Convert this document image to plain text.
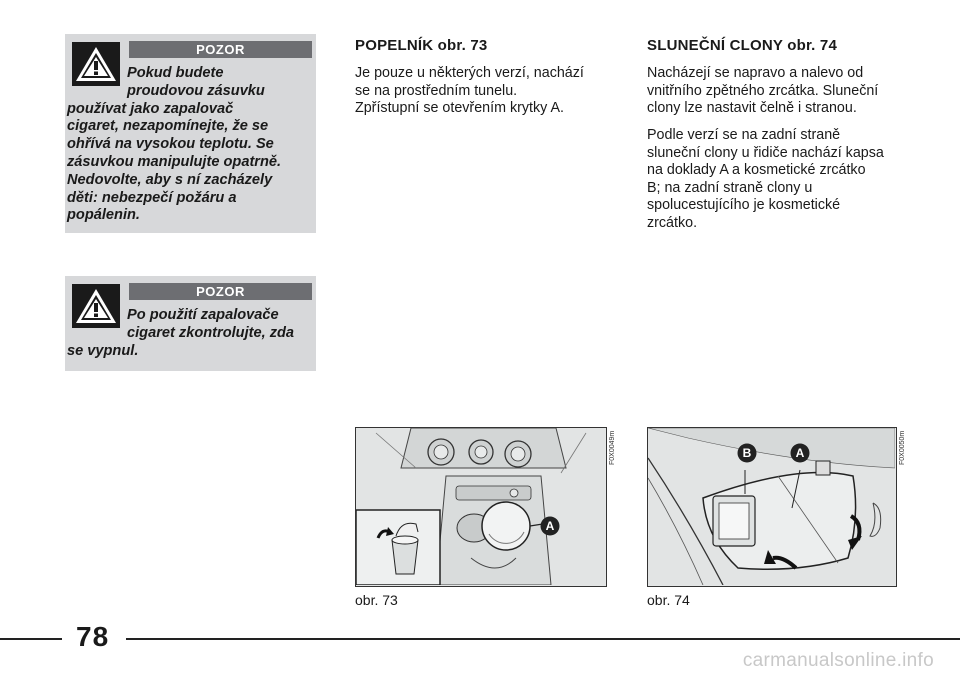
POZOR
Pokud budete
proudovou zásuvku
používat jako zapalovač
cigaret, nezapomínejte, že se
ohřívá na vysokou teplotu. Se
zásuvkou manipulujte opatrně.
Nedovolte, aby s ní zacházely
děti: nebezpečí požáru a
popálenin.
POZOR
Po použití zapalovače
cigaret zkontrolujte, zda
se vypnul.
POPELNÍK obr. 73
Je pouze u některých verzí, nachází
se na prostředním tunelu.
Zpřístupní se otevřením krytky A.
SLUNEČNÍ CLONY obr. 74
Nacházejí se napravo a nalevo od
vnitřního zpětného zrcátka. Sluneční
clony lze nastavit čelně i stranou.
Podle verzí se na zadní straně
sluneční clony u řidiče nachází kapsa
na doklady A a kosmetické zrcátko
B; na zadní straně clony u
spolucestujícího je kosmetické
zrcátko.
A
F0X0049m
obr. 73
B	A	F0X0050m
obr. 74
78
carmanualsonline.info
